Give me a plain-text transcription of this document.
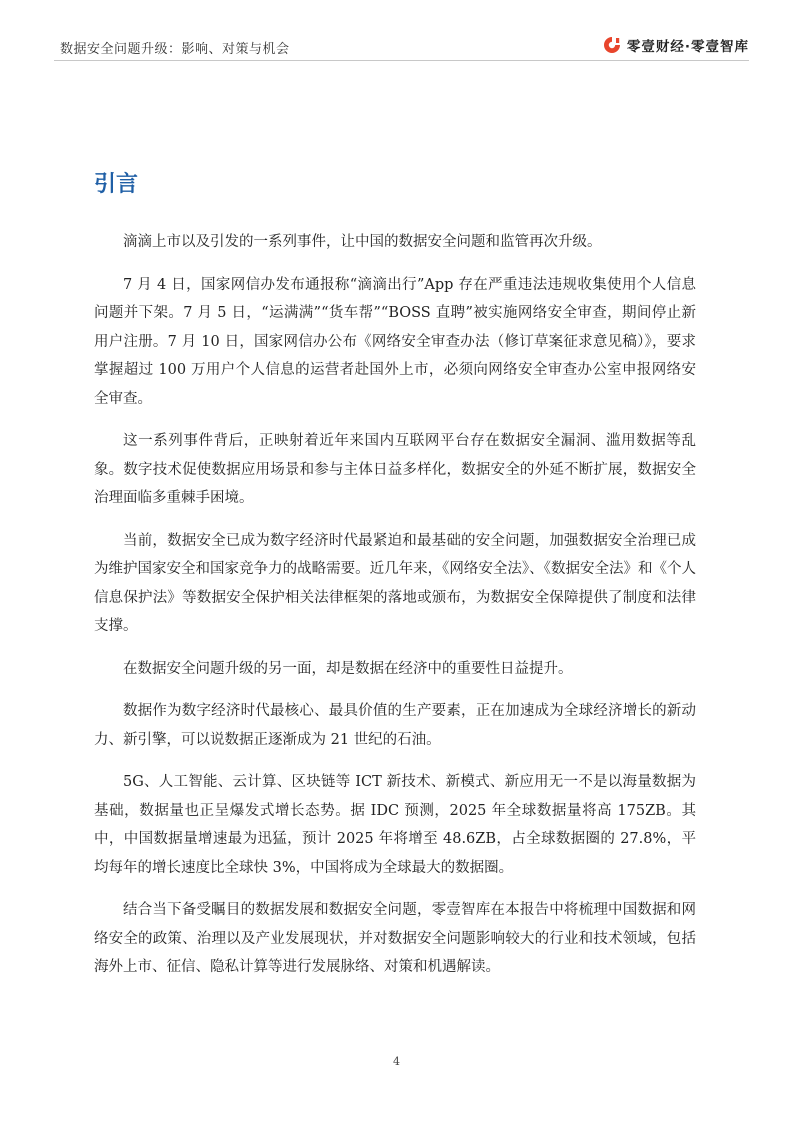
数据安全问题升级：影响、对策与机会	零壹财经·零壹智库
引言

滴滴上市以及引发的一系列事件，让中国的数据安全问题和监管再次升级。

7 月 4 日，国家网信办发布通报称“滴滴出行”App 存在严重违法违规收集使用个人信息问题并下架。7 月 5 日，“运满满”“货车帮”“BOSS 直聘”被实施网络安全审查，期间停止新用户注册。7 月 10 日，国家网信办公布《网络安全审查办法（修订草案征求意见稿）》，要求掌握超过 100 万用户个人信息的运营者赴国外上市，必须向网络安全审查办公室申报网络安全审查。

这一系列事件背后，正映射着近年来国内互联网平台存在数据安全漏洞、滥用数据等乱象。数字技术促使数据应用场景和参与主体日益多样化，数据安全的外延不断扩展，数据安全治理面临多重棘手困境。

当前，数据安全已成为数字经济时代最紧迫和最基础的安全问题，加强数据安全治理已成为维护国家安全和国家竞争力的战略需要。近几年来，《网络安全法》、《数据安全法》和《个人信息保护法》等数据安全保护相关法律框架的落地或颁布，为数据安全保障提供了制度和法律支撑。

在数据安全问题升级的另一面，却是数据在经济中的重要性日益提升。

数据作为数字经济时代最核心、最具价值的生产要素，正在加速成为全球经济增长的新动力、新引擎，可以说数据正逐渐成为 21 世纪的石油。

5G、人工智能、云计算、区块链等 ICT 新技术、新模式、新应用无一不是以海量数据为基础，数据量也正呈爆发式增长态势。据 IDC 预测，2025 年全球数据量将高 175ZB。其中，中国数据量增速最为迅猛，预计 2025 年将增至 48.6ZB，占全球数据圈的 27.8%，平均每年的增长速度比全球快 3%，中国将成为全球最大的数据圈。

结合当下备受瞩目的数据发展和数据安全问题，零壹智库在本报告中将梳理中国数据和网络安全的政策、治理以及产业发展现状，并对数据安全问题影响较大的行业和技术领域，包括海外上市、征信、隐私计算等进行发展脉络、对策和机遇解读。

4
